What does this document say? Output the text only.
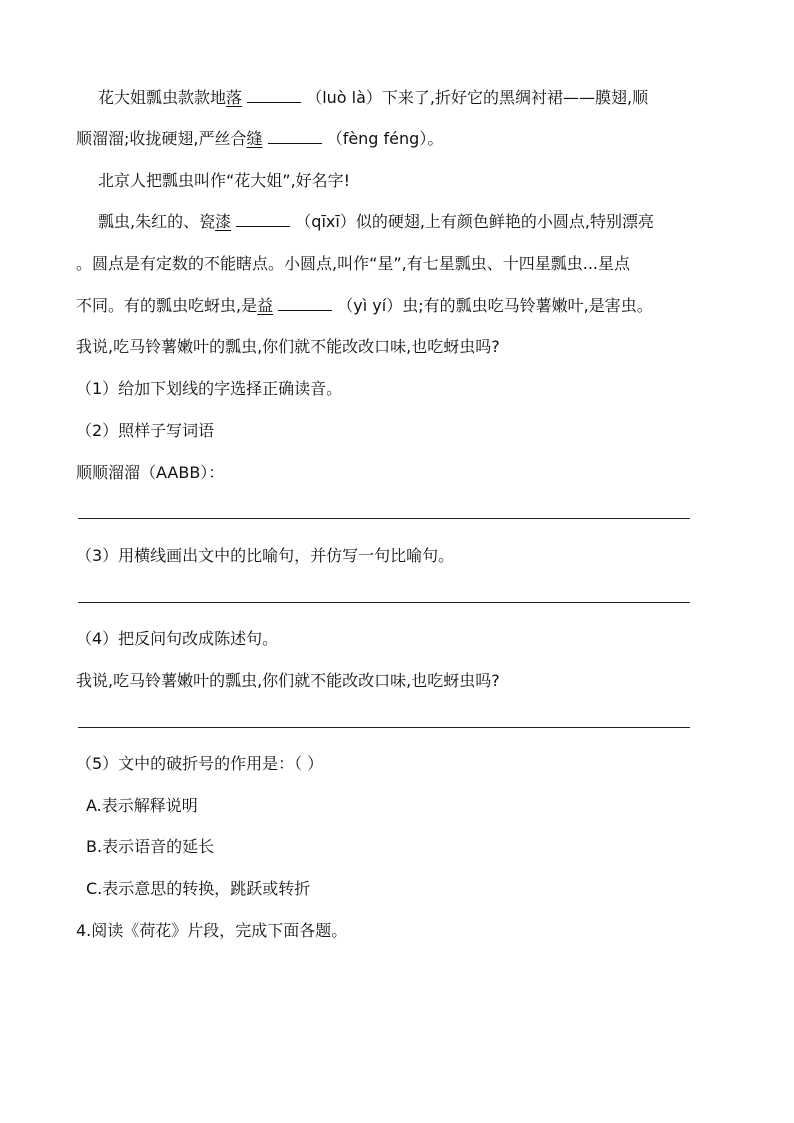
花大姐瓢虫款款地落	（luò là）下来了,折好它的黑绸衬裙——膜翅,顺
顺溜溜;收拢硬翅,严丝合缝	（fèng féng）。
北京人把瓢虫叫作“花大姐”,好名字!
瓢虫,朱红的、瓷漆	（qīxī）似的硬翅,上有颜色鲜艳的小圆点,特别漂亮
。圆点是有定数的不能瞎点。小圆点,叫作“星”,有七星瓢虫、十四星瓢虫...星点
不同。有的瓢虫吃蚜虫,是益	（yì yí）虫;有的瓢虫吃马铃薯嫩叶,是害虫。
我说,吃马铃薯嫩叶的瓢虫,你们就不能改改口味,也吃蚜虫吗?
（1）给加下划线的字选择正确读音。
（2）照样子写词语
顺顺溜溜（AABB）：
（3）用横线画出文中的比喻句，并仿写一句比喻句。
（4）把反问句改成陈述句。
我说,吃马铃薯嫩叶的瓢虫,你们就不能改改口味,也吃蚜虫吗?
（5）文中的破折号的作用是：（ ）
A.表示解释说明
B.表示语音的延长
C.表示意思的转换，跳跃或转折
4.阅读《荷花》片段，完成下面各题。
